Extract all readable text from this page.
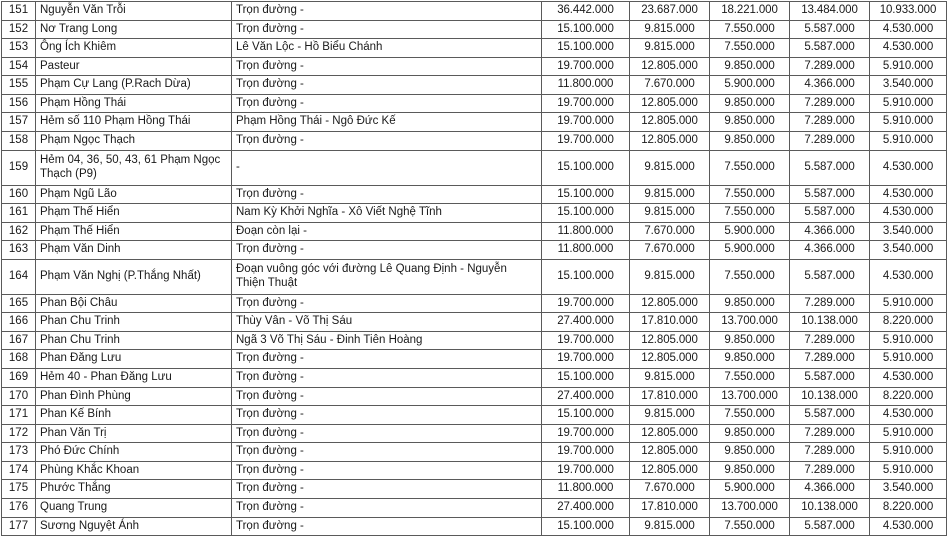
151	Nguyễn Văn Trỗi	Trọn đường -	36.442.000	23.687.000	18.221.000	13.484.000	10.933.000
152	Nơ Trang Long	Trọn đường -	15.100.000	9.815.000	7.550.000	5.587.000	4.530.000
153	Ông Ích Khiêm	Lê Văn Lộc - Hồ Biểu Chánh	15.100.000	9.815.000	7.550.000	5.587.000	4.530.000
154	Pasteur	Trọn đường -	19.700.000	12.805.000	9.850.000	7.289.000	5.910.000
155	Phạm Cự Lang (P.Rach Dừa)	Trọn đường -	11.800.000	7.670.000	5.900.000	4.366.000	3.540.000
156	Phạm Hồng Thái	Trọn đường -	19.700.000	12.805.000	9.850.000	7.289.000	5.910.000
157	Hẻm số 110 Phạm Hồng Thái	Phạm Hồng Thái - Ngô Đức Kế	19.700.000	12.805.000	9.850.000	7.289.000	5.910.000
158	Phạm Ngọc Thạch	Trọn đường -	19.700.000	12.805.000	9.850.000	7.289.000	5.910.000
159	Hẻm 04, 36, 50, 43, 61 Phạm Ngọc Thạch (P9)	-	15.100.000	9.815.000	7.550.000	5.587.000	4.530.000
160	Phạm Ngũ Lão	Trọn đường -	15.100.000	9.815.000	7.550.000	5.587.000	4.530.000
161	Phạm Thế Hiển	Nam Kỳ Khởi Nghĩa - Xô Viết Nghệ Tĩnh	15.100.000	9.815.000	7.550.000	5.587.000	4.530.000
162	Phạm Thế Hiển	Đoạn còn lại -	11.800.000	7.670.000	5.900.000	4.366.000	3.540.000
163	Phạm Văn Dinh	Trọn đường -	11.800.000	7.670.000	5.900.000	4.366.000	3.540.000
164	Phạm Văn Nghị (P.Thắng Nhất)	Đoạn vuông góc với đường Lê Quang Định - Nguyễn Thiện Thuật	15.100.000	9.815.000	7.550.000	5.587.000	4.530.000
165	Phan Bội Châu	Trọn đường -	19.700.000	12.805.000	9.850.000	7.289.000	5.910.000
166	Phan Chu Trinh	Thùy Vân - Võ Thị Sáu	27.400.000	17.810.000	13.700.000	10.138.000	8.220.000
167	Phan Chu Trinh	Ngã 3 Võ Thị Sáu - Đinh Tiên Hoàng	19.700.000	12.805.000	9.850.000	7.289.000	5.910.000
168	Phan Đăng Lưu	Trọn đường -	19.700.000	12.805.000	9.850.000	7.289.000	5.910.000
169	Hẻm 40 - Phan Đăng Lưu	Trọn đường -	15.100.000	9.815.000	7.550.000	5.587.000	4.530.000
170	Phan Đình Phùng	Trọn đường -	27.400.000	17.810.000	13.700.000	10.138.000	8.220.000
171	Phan Kế Bính	Trọn đường -	15.100.000	9.815.000	7.550.000	5.587.000	4.530.000
172	Phan Văn Trị	Trọn đường -	19.700.000	12.805.000	9.850.000	7.289.000	5.910.000
173	Phó Đức Chính	Trọn đường -	19.700.000	12.805.000	9.850.000	7.289.000	5.910.000
174	Phùng Khắc Khoan	Trọn đường -	19.700.000	12.805.000	9.850.000	7.289.000	5.910.000
175	Phước Thắng	Trọn đường -	11.800.000	7.670.000	5.900.000	4.366.000	3.540.000
176	Quang Trung	Trọn đường -	27.400.000	17.810.000	13.700.000	10.138.000	8.220.000
177	Sương Nguyệt Ánh	Trọn đường -	15.100.000	9.815.000	7.550.000	5.587.000	4.530.000
